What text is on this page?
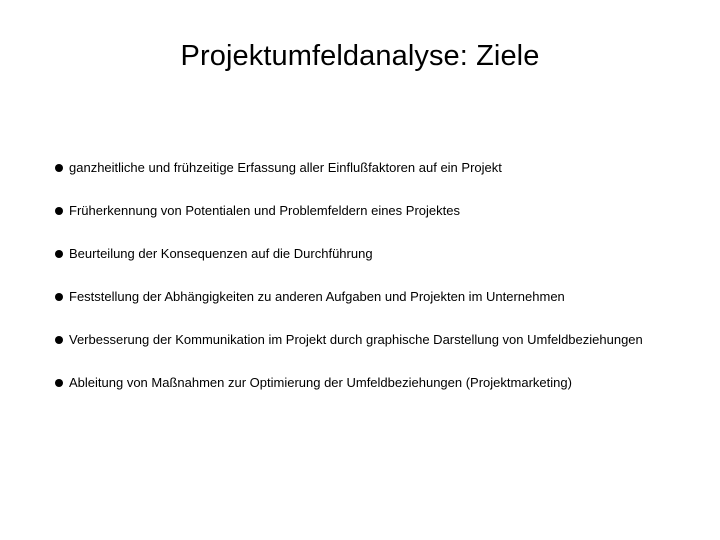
Projektumfeldanalyse: Ziele
ganzheitliche und frühzeitige Erfassung aller Einflußfaktoren auf ein Projekt
Früherkennung von Potentialen und Problemfeldern eines Projektes
Beurteilung der Konsequenzen auf die Durchführung
Feststellung der Abhängigkeiten zu anderen Aufgaben und Projekten im Unternehmen
Verbesserung der Kommunikation im Projekt durch graphische Darstellung von Umfeldbeziehungen
Ableitung von Maßnahmen zur Optimierung der Umfeldbeziehungen (Projektmarketing)
